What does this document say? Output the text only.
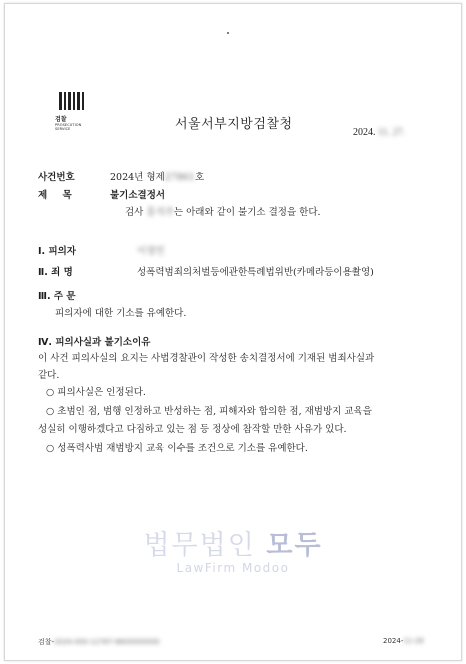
검찰
PROSECUTION SERVICE	서울서부지방검찰청
2024. 11. 27.
사건번호	2024년 형제27861호
제 목	불기소결정서
검사 홍석주는 아래와 같이 불기소 결정을 한다.
Ⅰ. 피의자	이정민
Ⅱ. 죄 명	성폭력범죄의처벌등에관한특례법위반(카메라등이용촬영)
Ⅲ. 주 문
피의자에 대한 기소를 유예한다.
Ⅳ. 피의사실과 불기소이유
이 사건 피의사실의 요지는 사법경찰관이 작성한 송치결정서에 기재된 범죄사실과
같다.
○ 피의사실은 인정된다.
○ 초범인 점, 범행 인정하고 반성하는 점, 피해자와 합의한 점, 재범방지 교육을
성실히 이행하겠다고 다짐하고 있는 점 등 정상에 참작할 만한 사유가 있다.
○ 성폭력사범 재범방지 교육 이수를 조건으로 기소를 유예한다.
법무법인 모두
LawFirm Modoo
검찰-2024-000-12787-8800000000	2024-11-28
